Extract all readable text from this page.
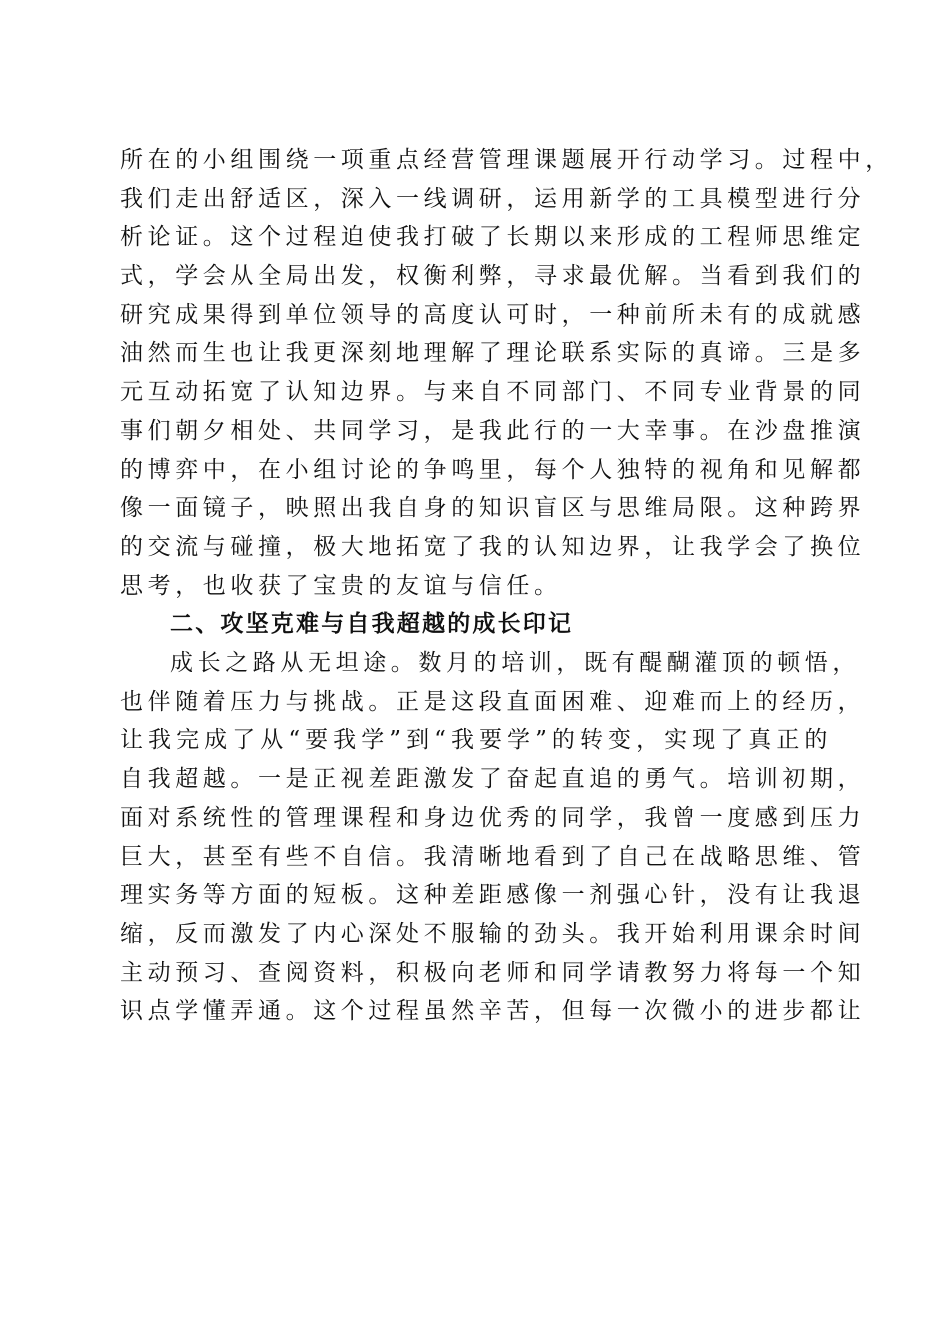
所在的小组围绕一项重点经营管理课题展开行动学习。过程中，
我们走出舒适区，深入一线调研，运用新学的工具模型进行分
析论证。这个过程迫使我打破了长期以来形成的工程师思维定
式，学会从全局出发，权衡利弊，寻求最优解。当看到我们的
研究成果得到单位领导的高度认可时，一种前所未有的成就感
油然而生也让我更深刻地理解了理论联系实际的真谛。三是多
元互动拓宽了认知边界。与来自不同部门、不同专业背景的同
事们朝夕相处、共同学习，是我此行的一大幸事。在沙盘推演
的博弈中，在小组讨论的争鸣里，每个人独特的视角和见解都
像一面镜子，映照出我自身的知识盲区与思维局限。这种跨界
的交流与碰撞，极大地拓宽了我的认知边界，让我学会了换位
思考，也收获了宝贵的友谊与信任。
二、攻坚克难与自我超越的成长印记
成长之路从无坦途。数月的培训，既有醍醐灌顶的顿悟，
也伴随着压力与挑战。正是这段直面困难、迎难而上的经历，
让我完成了从“要我学”到“我要学”的转变，实现了真正的
自我超越。一是正视差距激发了奋起直追的勇气。培训初期，
面对系统性的管理课程和身边优秀的同学，我曾一度感到压力
巨大，甚至有些不自信。我清晰地看到了自己在战略思维、管
理实务等方面的短板。这种差距感像一剂强心针，没有让我退
缩，反而激发了内心深处不服输的劲头。我开始利用课余时间
主动预习、查阅资料，积极向老师和同学请教努力将每一个知
识点学懂弄通。这个过程虽然辛苦，但每一次微小的进步都让
